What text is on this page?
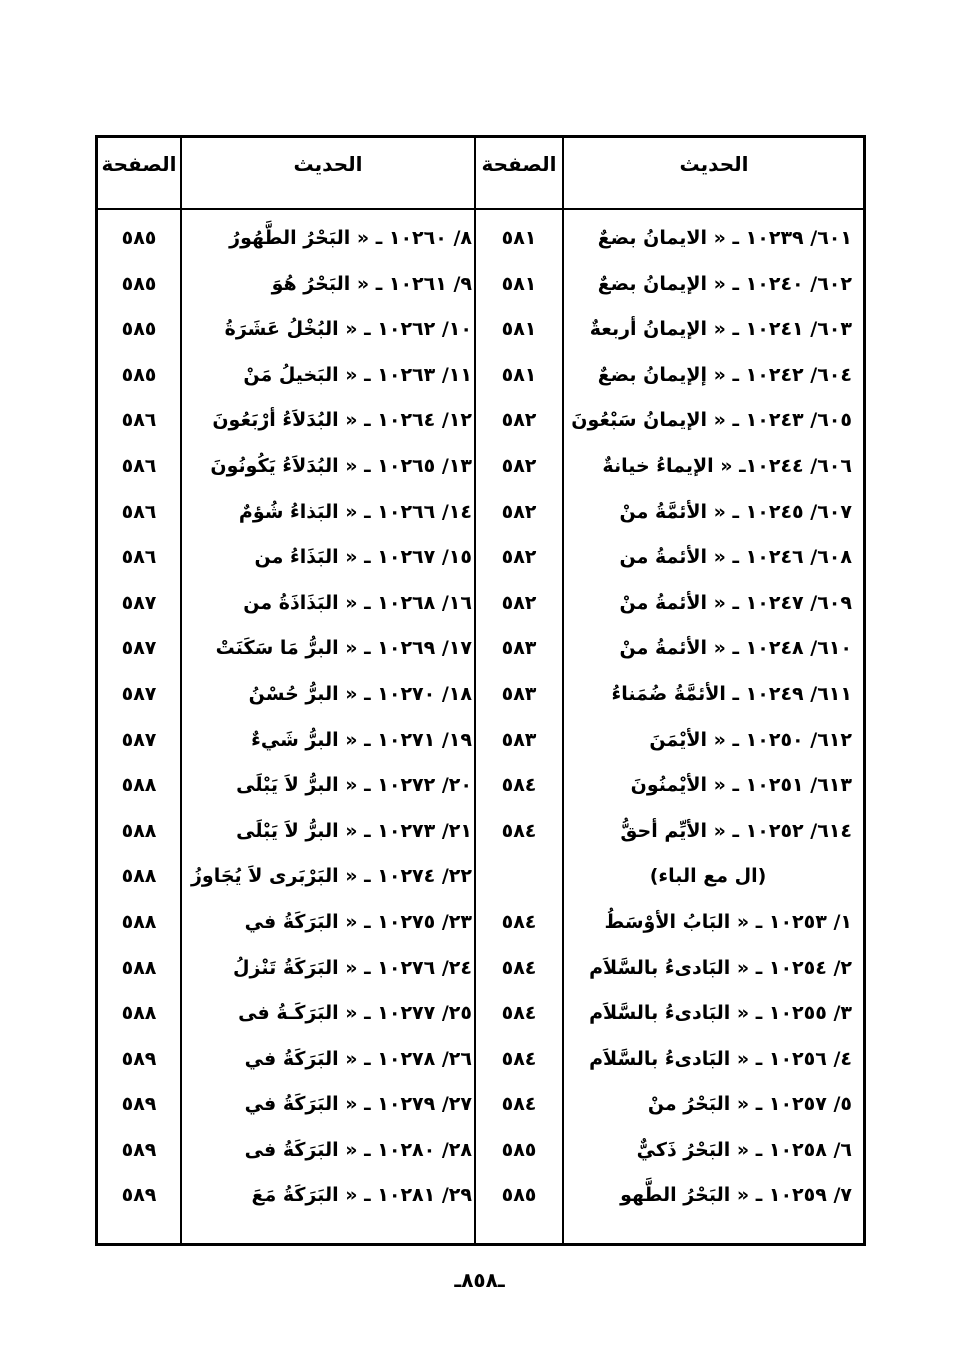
الحديث
الصفحة
الحديث
الصفحة
٦٠١/ ١٠٢٣٩ ـ « الايمانُ بضعٌ
٦٠٢/ ١٠٢٤٠ ـ « الإيمانُ بضعٌ
٦٠٣/ ١٠٢٤١ ـ « الإيمانُ أربعةٌ
٦٠٤/ ١٠٢٤٢ ـ « إلإيمانُ بضعٌ
٦٠٥/ ١٠٢٤٣ ـ « الإيمانُ سَبْعُونَ
٦٠٦/ ١٠٢٤٤ـ « الإيماءُ خيانةٌ
٦٠٧/ ١٠٢٤٥ ـ « الأئمَّةُ منْ
٦٠٨/ ١٠٢٤٦ ـ « الأئمةُ من
٦٠٩/ ١٠٢٤٧ ـ « الأئمةُ منْ
٦١٠/ ١٠٢٤٨ ـ « الأئمةُ منْ
٦١١/ ١٠٢٤٩ ـ الأئمَّةُ ضُمَناءُ
٦١٢/ ١٠٢٥٠ ـ « الأيْمَنَ
٦١٣/ ١٠٢٥١ ـ « الأيْمنُونَ
٦١٤/ ١٠٢٥٢ ـ « الأيِّم أحقُّ
(ال مع الباء)
١/ ١٠٢٥٣ ـ « البَابُ الأوْسَطُ
٢/ ١٠٢٥٤ ـ « البَادىءُ بالسَّلاَم
٣/ ١٠٢٥٥ ـ « البَادىءُ بالسَّلاَم
٤/ ١٠٢٥٦ ـ « البَادىءُ بالسَّلاَم
٥/ ١٠٢٥٧ ـ « البَحْرُ منْ
٦/ ١٠٢٥٨ ـ « البَحْرُ ذَكيٌّ
٧/ ١٠٢٥٩ ـ « البَحْرُ الطَّهو
٥٨١
٥٨١
٥٨١
٥٨١
٥٨٢
٥٨٢
٥٨٢
٥٨٢
٥٨٢
٥٨٣
٥٨٣
٥٨٣
٥٨٤
٥٨٤
٥٨٤
٥٨٤
٥٨٤
٥٨٤
٥٨٤
٥٨٥
٥٨٥
٨/ ١٠٢٦٠ ـ « البَحْرُ الطَّهُورُ
٩/ ١٠٢٦١ ـ « البَحْرُ هُوَ
١٠/ ١٠٢٦٢ ـ « البُخْلُ عَشَرَةُ
١١/ ١٠٢٦٣ ـ « البَخيلُ مَنْ
١٢/ ١٠٢٦٤ ـ « البُدَلاَءُ أرْبَعُونَ
١٣/ ١٠٢٦٥ ـ « البُدَلاَءُ يَكُونُونَ
١٤/ ١٠٢٦٦ ـ « البَذاءُ شُؤمٌ
١٥/ ١٠٢٦٧ ـ « البَذَاءُ من
١٦/ ١٠٢٦٨ ـ « البَذَاذَةُ من
١٧/ ١٠٢٦٩ ـ « البرُّ مَا سَكَنَتْ
١٨/ ١٠٢٧٠ ـ « البرُّ حُسْنُ
١٩/ ١٠٢٧١ ـ « البرُّ شَيءٌ
٢٠/ ١٠٢٧٢ ـ « البرُّ لاَ يَبْلَى
٢١/ ١٠٢٧٣ ـ « البرُّ لاَ يَبْلَى
٢٢/ ١٠٢٧٤ ـ « البَرْبَرى لاَ يُجَاوزُ
٢٣/ ١٠٢٧٥ ـ « البَرَكَةُ في
٢٤/ ١٠٢٧٦ ـ « البَرَكَةُ تَنْزلُ
٢٥/ ١٠٢٧٧ ـ « البَرَكَـةُ فى
٢٦/ ١٠٢٧٨ ـ « البَرَكَةُ في
٢٧/ ١٠٢٧٩ ـ « البَرَكَةُ في
٢٨/ ١٠٢٨٠ ـ « البَرَكَةُ فى
٢٩/ ١٠٢٨١ ـ « البَرَكَةُ مَعَ
٥٨٥
٥٨٥
٥٨٥
٥٨٥
٥٨٦
٥٨٦
٥٨٦
٥٨٦
٥٨٧
٥٨٧
٥٨٧
٥٨٧
٥٨٨
٥٨٨
٥٨٨
٥٨٨
٥٨٨
٥٨٨
٥٨٩
٥٨٩
٥٨٩
٥٨٩
ـ٨٥٨ـ
